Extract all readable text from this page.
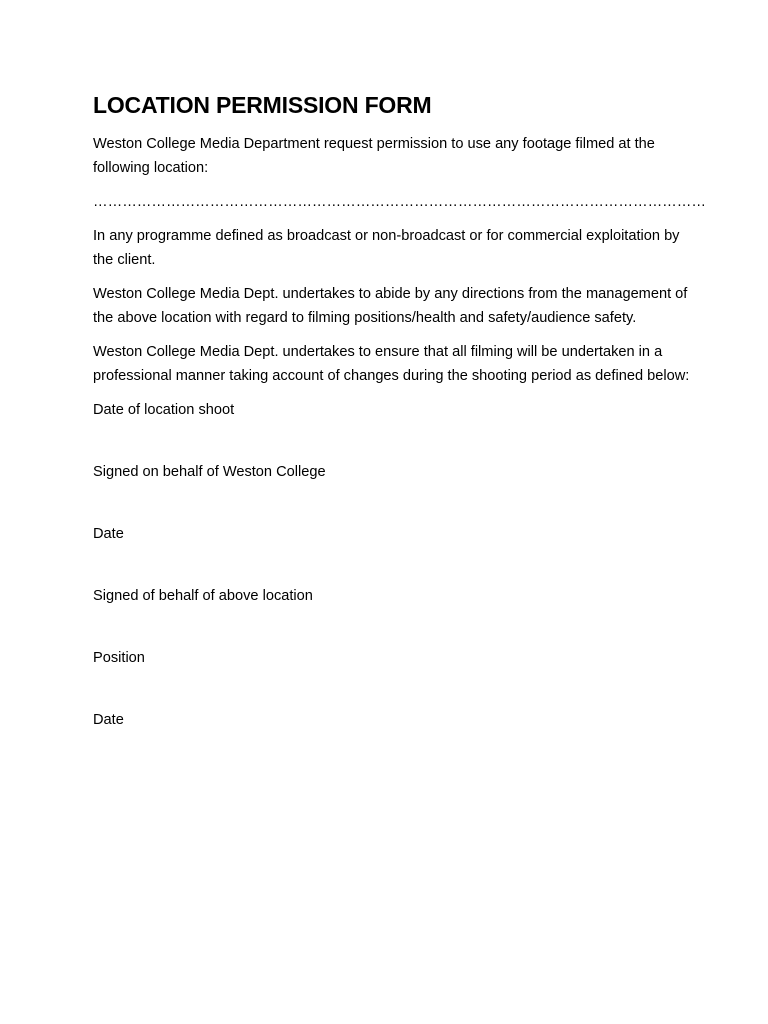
LOCATION PERMISSION FORM

Weston College Media Department request permission to use any footage filmed at the following location:

………………………………………………………………………………………………………………

In any programme defined as broadcast or non-broadcast or for commercial exploitation by the client.

Weston College Media Dept. undertakes to abide by any directions from the management of the above location with regard to filming positions/health and safety/audience safety.

Weston College Media Dept. undertakes to ensure that all filming will be undertaken in a professional manner taking account of changes during the shooting period as defined below:

Date of location shoot
Signed on behalf of Weston College
Date
Signed of behalf of above location
Position
Date
